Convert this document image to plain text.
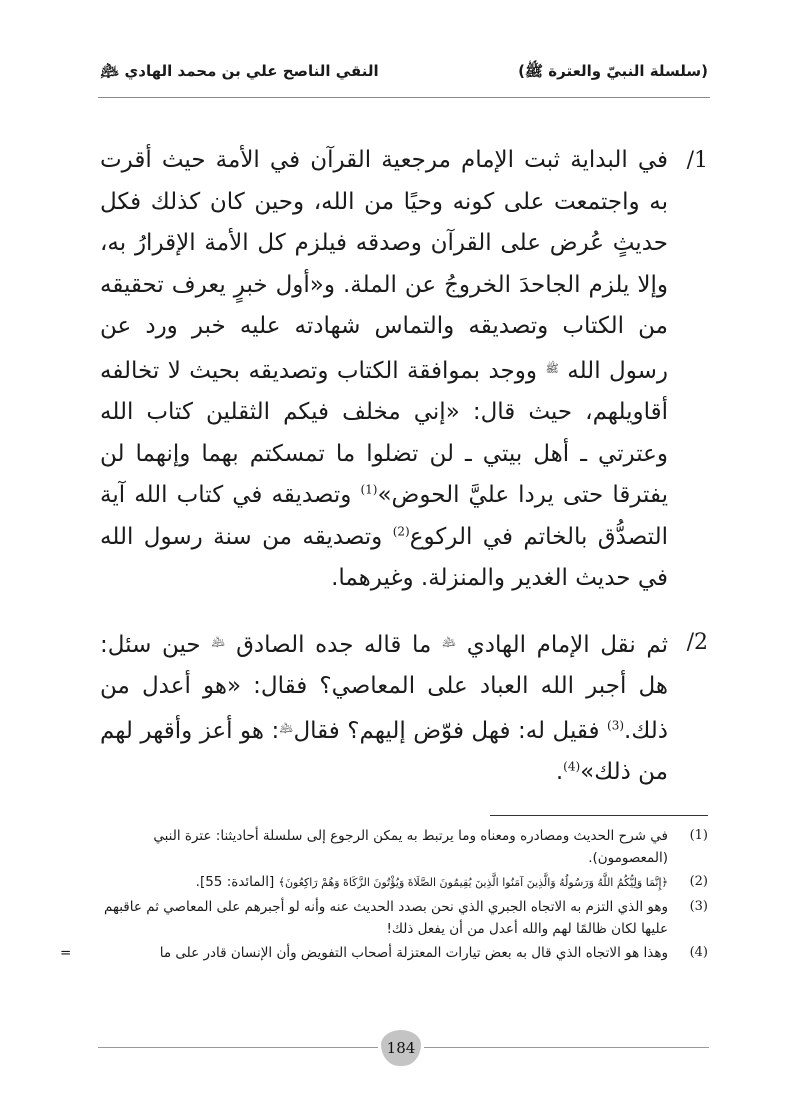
(سلسلة النبيّ والعترة ﷺ)
النقي الناصح علي بن محمد الهادي ﵇
/1
في البداية ثبت الإمام مرجعية القرآن في الأمة حيث أقرت به واجتمعت على كونه وحيًا من الله، وحين كان كذلك فكل حديثٍ عُرض على القرآن وصدقه فيلزم كل الأمة الإقرارُ به، وإلا يلزم الجاحدَ الخروجُ عن الملة. و«أول خبرٍ يعرف تحقيقه من الكتاب وتصديقه والتماس شهادته عليه خبر ورد عن رسول الله $^ﷺ$ ووجد بموافقة الكتاب وتصديقه بحيث لا تخالفه أقاويلهم، حيث قال: «إني مخلف فيكم الثقلين كتاب الله وعترتي ـ أهل بيتي ـ لن تضلوا ما تمسكتم بهما وإنهما لن يفترقا حتى يردا عليَّ الحوض»$^{(1)}$ وتصديقه في كتاب الله آية التصدُّق بالخاتم في الركوع$^{(2)}$ وتصديقه من سنة رسول الله في حديث الغدير والمنزلة. وغيرهما.
/2
ثم نقل الإمام الهادي ﵇ ما قاله جده الصادق ﵇ حين سئل: هل أجبر الله العباد على المعاصي؟ فقال: «هو أعدل من ذلك.$^{(3)}$ فقيل له: فهل فوّض إليهم؟ فقال﵇: هو أعز وأقهر لهم من ذلك»$^{(4)}$.
(1)
في شرح الحديث ومصادره ومعناه وما يرتبط به يمكن الرجوع إلى سلسلة أحاديثنا: عترة النبي (المعصومون).
(2)
﴿إِنَّمَا وَلِيُّكُمُ اللَّهُ وَرَسُولُهُ وَالَّذِينَ آمَنُوا الَّذِينَ يُقِيمُونَ الصَّلَاةَ وَيُؤْتُونَ الزَّكَاةَ وَهُمْ رَاكِعُونَ﴾ [المائدة: 55].
(3)
وهو الذي التزم به الاتجاه الجبري الذي نحن بصدد الحديث عنه وأنه لو أجبرهم على المعاصي ثم عاقبهم عليها لكان ظالمًا لهم والله أعدل من أن يفعل ذلك!
(4)
وهذا هو الاتجاه الذي قال به بعض تيارات المعتزلة أصحاب التفويض وأن الإنسان قادر على ما
=
184
